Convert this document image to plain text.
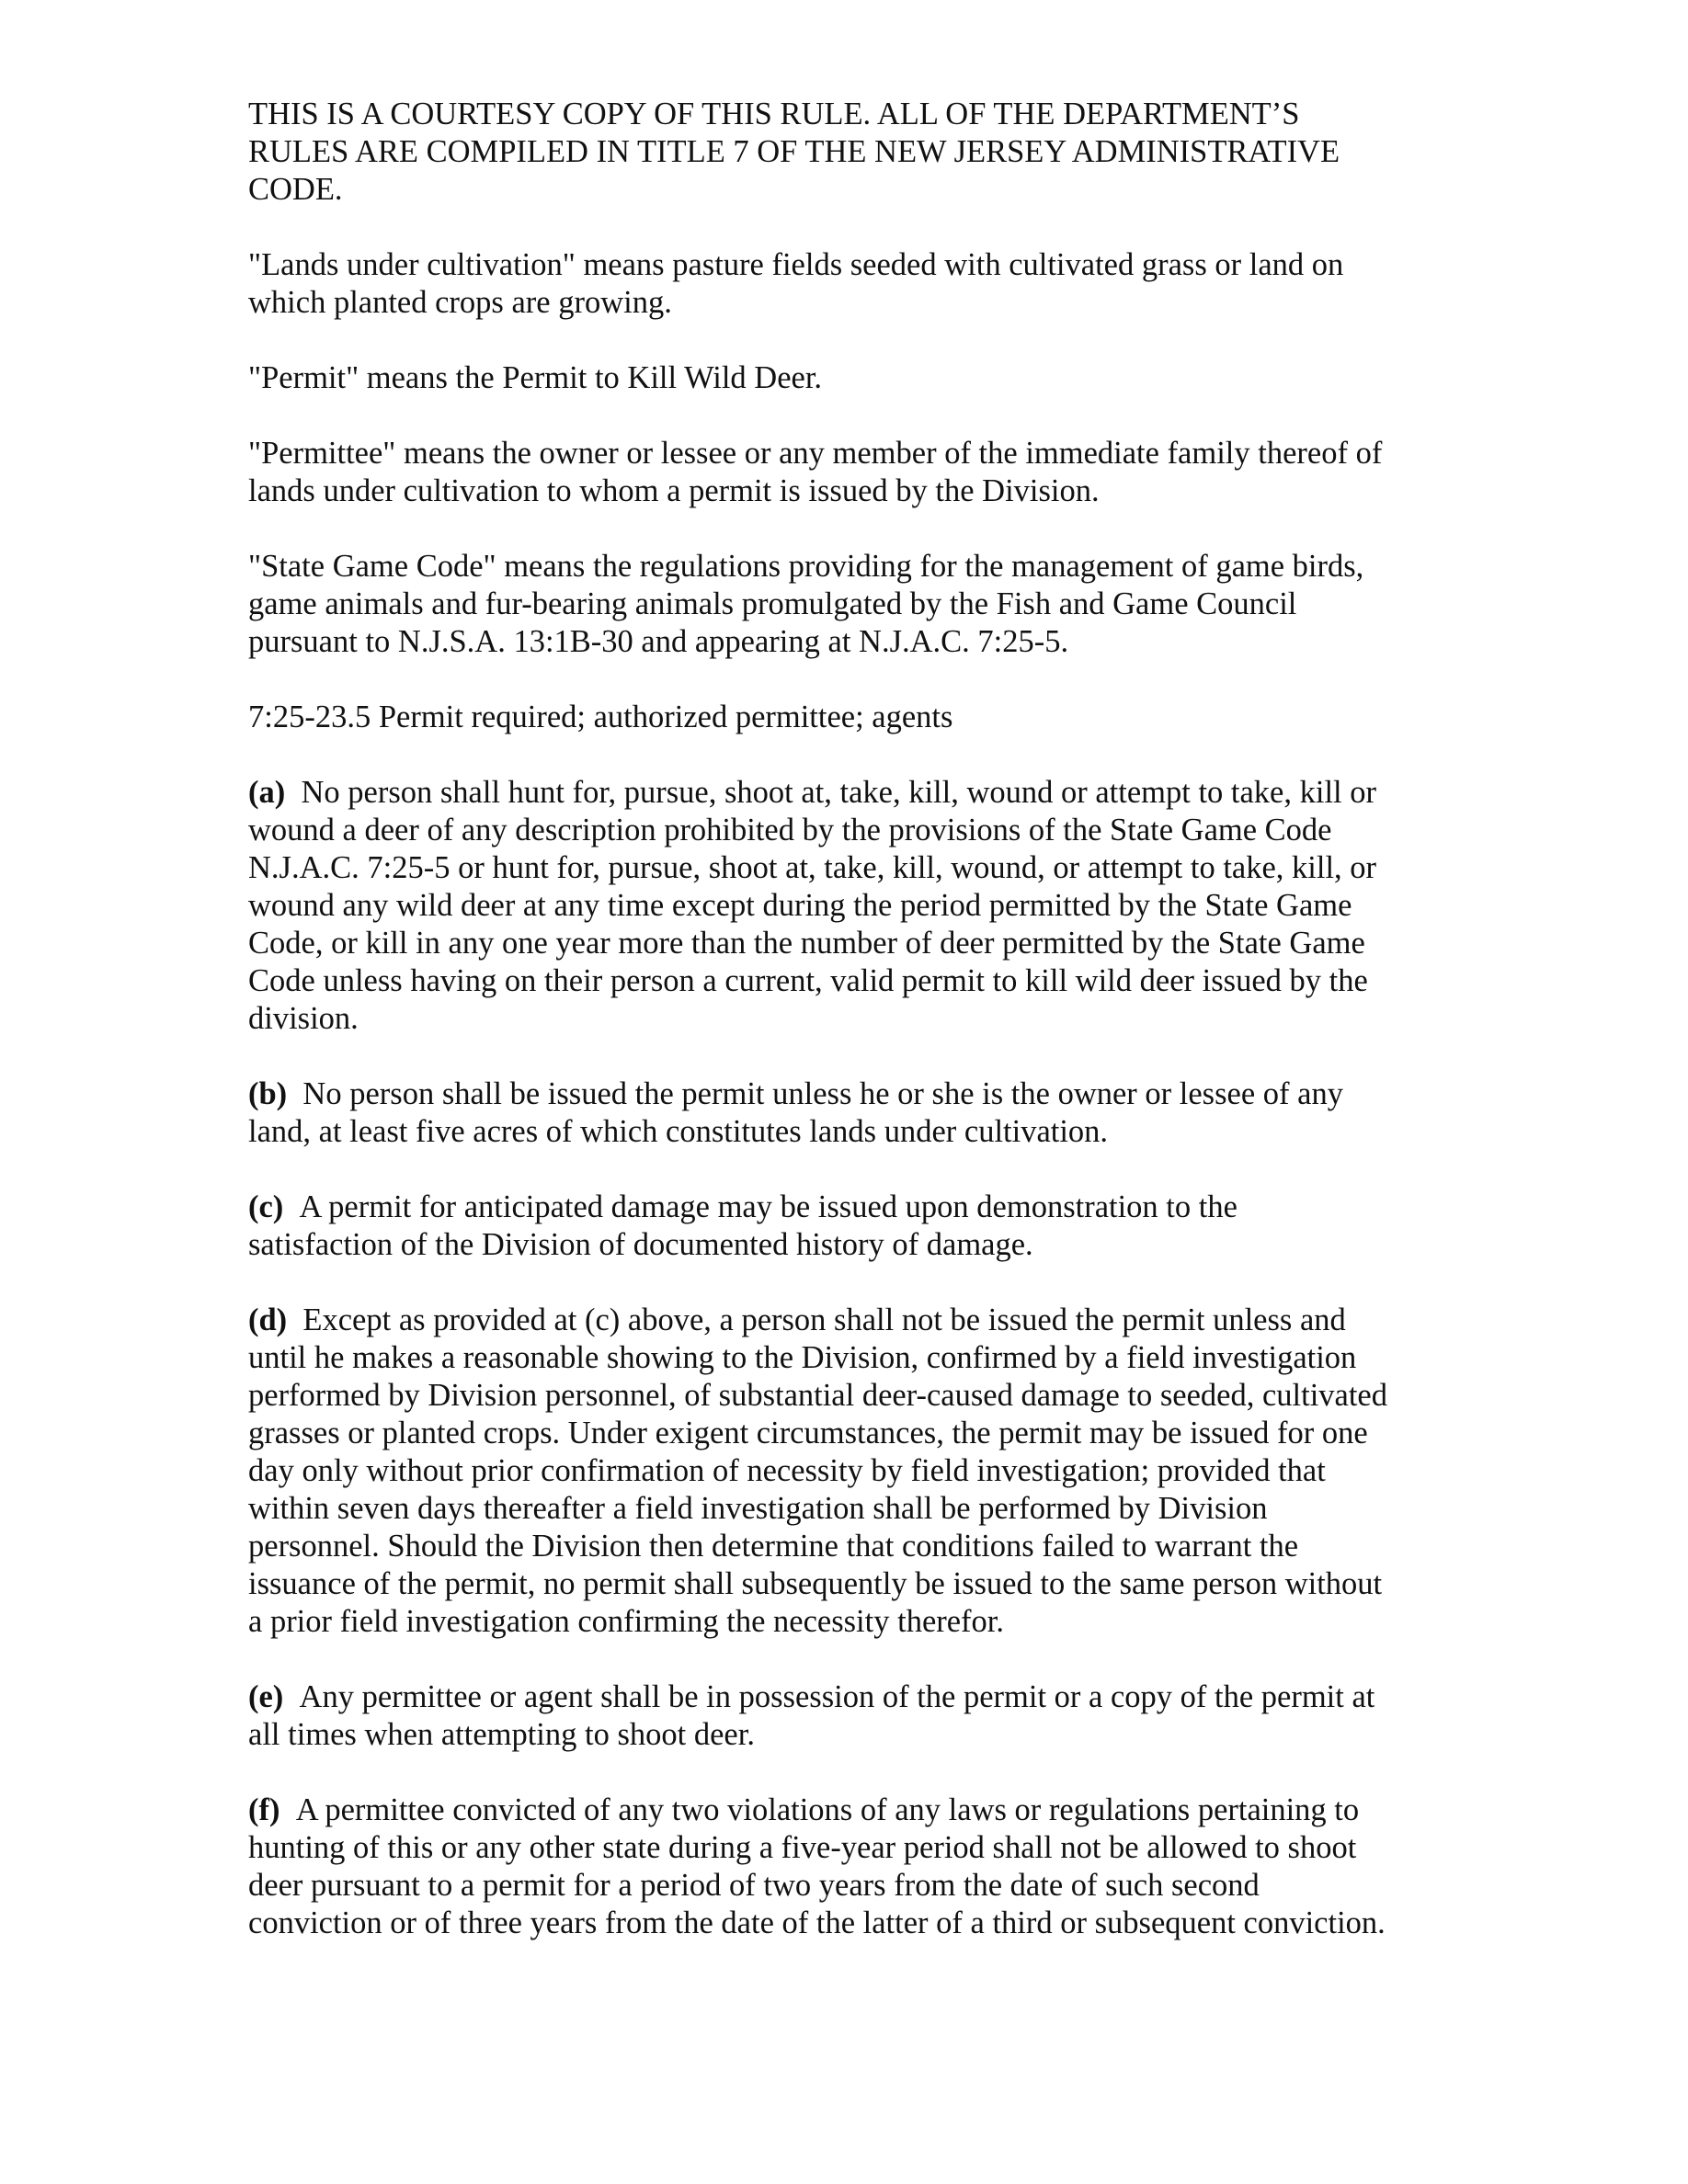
THIS IS A COURTESY COPY OF THIS RULE. ALL OF THE DEPARTMENT’S
RULES ARE COMPILED IN TITLE 7 OF THE NEW JERSEY ADMINISTRATIVE
CODE.

"Lands under cultivation" means pasture fields seeded with cultivated grass or land on
which planted crops are growing.

"Permit" means the Permit to Kill Wild Deer.

"Permittee" means the owner or lessee or any member of the immediate family thereof of
lands under cultivation to whom a permit is issued by the Division.

"State Game Code" means the regulations providing for the management of game birds,
game animals and fur-bearing animals promulgated by the Fish and Game Council
pursuant to N.J.S.A. 13:1B-30 and appearing at N.J.A.C. 7:25-5.

7:25-23.5 Permit required; authorized permittee; agents

(a) No person shall hunt for, pursue, shoot at, take, kill, wound or attempt to take, kill or
wound a deer of any description prohibited by the provisions of the State Game Code
N.J.A.C. 7:25-5 or hunt for, pursue, shoot at, take, kill, wound, or attempt to take, kill, or
wound any wild deer at any time except during the period permitted by the State Game
Code, or kill in any one year more than the number of deer permitted by the State Game
Code unless having on their person a current, valid permit to kill wild deer issued by the
division.

(b) No person shall be issued the permit unless he or she is the owner or lessee of any
land, at least five acres of which constitutes lands under cultivation.

(c) A permit for anticipated damage may be issued upon demonstration to the
satisfaction of the Division of documented history of damage.

(d) Except as provided at (c) above, a person shall not be issued the permit unless and
until he makes a reasonable showing to the Division, confirmed by a field investigation
performed by Division personnel, of substantial deer-caused damage to seeded, cultivated
grasses or planted crops. Under exigent circumstances, the permit may be issued for one
day only without prior confirmation of necessity by field investigation; provided that
within seven days thereafter a field investigation shall be performed by Division
personnel. Should the Division then determine that conditions failed to warrant the
issuance of the permit, no permit shall subsequently be issued to the same person without
a prior field investigation confirming the necessity therefor.

(e) Any permittee or agent shall be in possession of the permit or a copy of the permit at
all times when attempting to shoot deer.

(f) A permittee convicted of any two violations of any laws or regulations pertaining to
hunting of this or any other state during a five-year period shall not be allowed to shoot
deer pursuant to a permit for a period of two years from the date of such second
conviction or of three years from the date of the latter of a third or subsequent conviction.
